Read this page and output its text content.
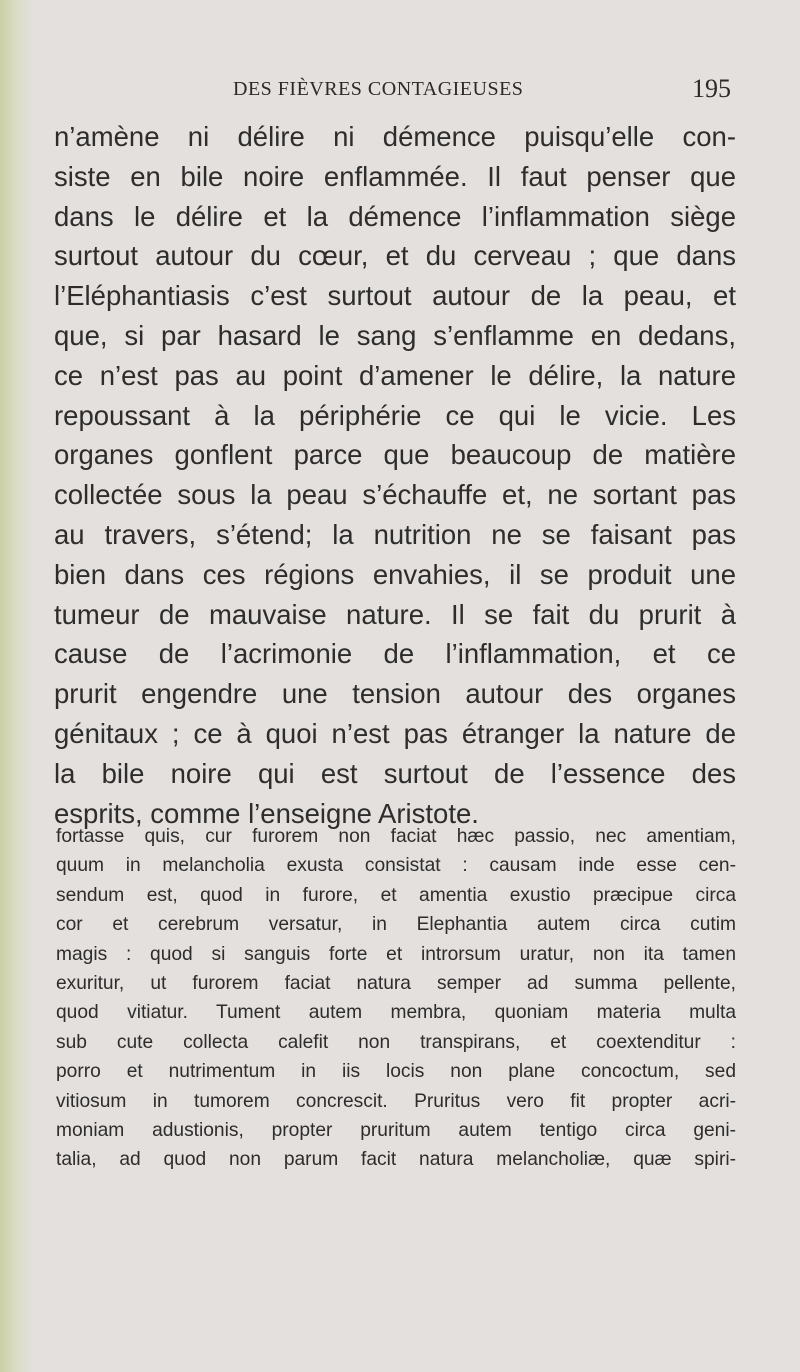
DES FIÈVRES CONTAGIEUSES	195
n’amène ni délire ni démence puisqu’elle con-
siste en bile noire enflammée. Il faut penser que
dans le délire et la démence l’inflammation siège
surtout autour du cœur, et du cerveau ; que dans
l’Eléphantiasis c’est surtout autour de la peau, et
que, si par hasard le sang s’enflamme en dedans,
ce n’est pas au point d’amener le délire, la nature
repoussant à la périphérie ce qui le vicie. Les
organes gonflent parce que beaucoup de matière
collectée sous la peau s’échauffe et, ne sortant pas
au travers, s’étend; la nutrition ne se faisant pas
bien dans ces régions envahies, il se produit une
tumeur de mauvaise nature. Il se fait du prurit à
cause de l’acrimonie de l’inflammation, et ce
prurit engendre une tension autour des organes
génitaux ; ce à quoi n’est pas étranger la nature de
la bile noire qui est surtout de l’essence des
esprits, comme l’enseigne Aristote.
fortasse quis, cur furorem non faciat hæc passio, nec amentiam,
quum in melancholia exusta consistat : causam inde esse cen-
sendum est, quod in furore, et amentia exustio præcipue circa
cor et cerebrum versatur, in Elephantia autem circa cutim
magis : quod si sanguis forte et introrsum uratur, non ita tamen
exuritur, ut furorem faciat natura semper ad summa pellente,
quod vitiatur. Tument autem membra, quoniam materia multa
sub cute collecta calefit non transpirans, et coextenditur :
porro et nutrimentum in iis locis non plane concoctum, sed
vitiosum in tumorem concrescit. Pruritus vero fit propter acri-
moniam adustionis, propter pruritum autem tentigo circa geni-
talia, ad quod non parum facit natura melancholiæ, quæ spiri-
